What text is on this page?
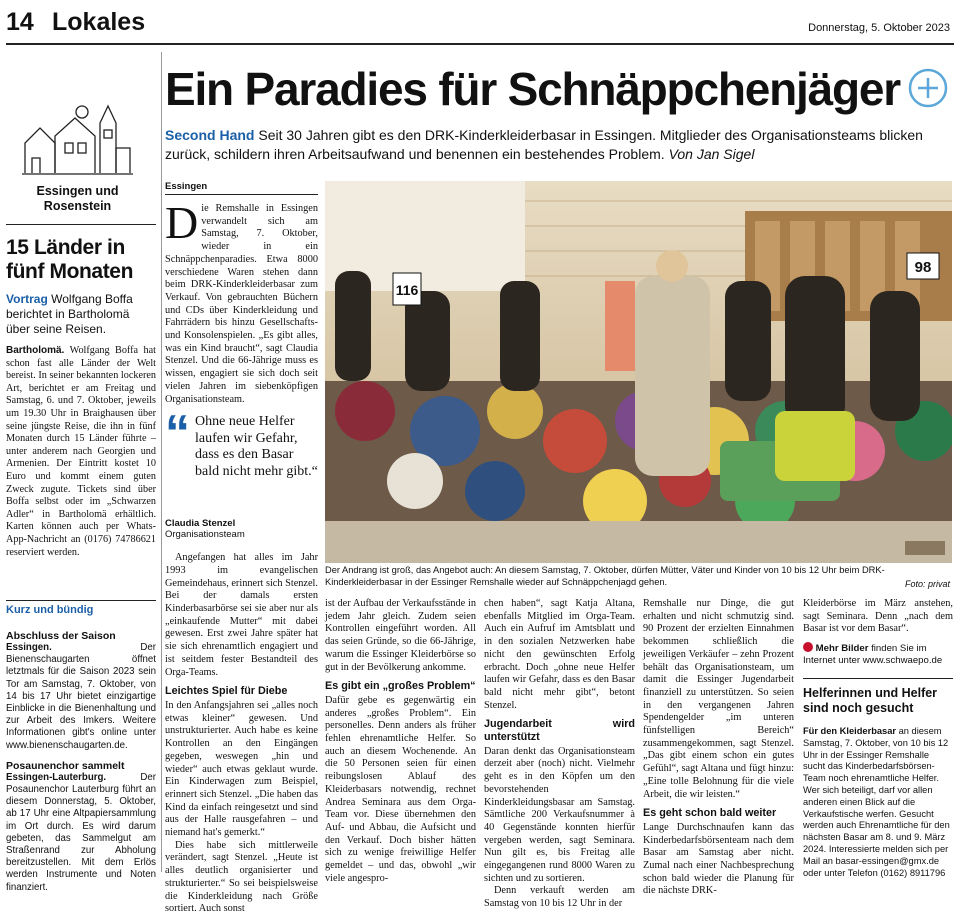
14 Lokales	Donnerstag, 5. Oktober 2023
Essingen und Rosenstein
15 Länder in fünf Monaten
Vortrag Wolfgang Boffa berichtet in Bartholomä über seine Reisen.
Bartholomä. Wolfgang Boffa hat schon fast alle Länder der Welt bereist. In seiner bekannten lockeren Art, berichtet er am Freitag und Samstag, 6. und 7. Oktober, jeweils um 19.30 Uhr in Braighausen über seine jüngste Reise, die ihn in fünf Monaten durch 15 Länder führte – unter anderem nach Georgien und Armenien. Der Eintritt kostet 10 Euro und kommt einem guten Zweck zugute. Tickets sind über Boffa selbst oder im „Schwarzen Adler“ in Bartholomä erhältlich. Karten können auch per Whats-App-Nachricht an (0176) 74786621 reserviert werden.
Kurz und bündig
Abschluss der Saison
Essingen.	Der Bienenschaugarten öffnet letztmals für die Saison 2023 sein Tor am Samstag, 7. Oktober, von 14 bis 17 Uhr bietet einzigartige Einblicke in die Bienenhaltung und zur Arbeit des Imkers. Weitere Informationen gibt's online unter www.bienenschaugarten.de.
Posaunenchor sammelt
Essingen-Lauterburg.	Der Posaunenchor Lauterburg führt an diesem Donnerstag, 5. Oktober, ab 17 Uhr eine Altpapiersammlung im Ort durch. Es wird darum gebeten, das Sammelgut am Straßenrand zur Abholung bereitzustellen. Mit dem Erlös werden Instrumente und Noten finanziert.
Ein Paradies für Schnäppchenjäger
Second Hand Seit 30 Jahren gibt es den DRK-Kinderkleiderbasar in Essingen. Mitglieder des Organisationsteams blicken zurück, schildern ihren Arbeitsaufwand und benennen ein bestehendes Problem. Von Jan Sigel
116
98
Der Andrang ist groß, das Angebot auch: An diesem Samstag, 7. Oktober, dürfen Mütter, Väter und Kinder von 10 bis 12 Uhr beim DRK-Kinderkleiderbasar in der Essinger Remshalle wieder auf Schnäppchenjagd gehen.	Foto: privat
Essingen
D ie Remshalle in Essingen verwandelt sich am Samstag, 7. Oktober, wieder in ein Schnäppchenparadies. Etwa 8000 verschiedene Waren stehen dann beim DRK-Kinderkleiderbasar zum Verkauf. Von gebrauchten Büchern und CDs über Kinderkleidung und Fahrrädern bis hinzu Gesellschafts- und Konsolenspielen. „Es gibt alles, was ein Kind braucht“, sagt Claudia Stenzel. Und die 66-Jährige muss es wissen, engagiert sie sich doch seit vielen Jahren im siebenköpfigen Organisationsteam.
“ Ohne neue Helfer laufen wir Gefahr, dass es den Basar bald nicht mehr gibt.“
Claudia Stenzel
Organisationsteam

Angefangen hat alles im Jahr 1993 im evangelischen Gemeindehaus, erinnert sich Stenzel. Bei der damals ersten Kinderbasarbörse sei sie aber nur als „einkaufende Mutter“ mit dabei gewesen. Erst zwei Jahre später hat sie sich ehrenamtlich engagiert und ist seitdem fester Bestandteil des Orga-Teams.

Leichtes Spiel für Diebe

In den Anfangsjahren sei „alles noch etwas kleiner“ gewesen. Und unstrukturierter. Auch habe es keine Kontrollen an den Eingängen gegeben, weswegen „hin und wieder“ auch etwas geklaut wurde. Ein Kinderwagen zum Beispiel, erinnert sich Stenzel. „Die haben das Kind da einfach reingesetzt und sind aus der Halle rausgefahren – und niemand hat's gemerkt.“

Dies habe sich mittlerweile verändert, sagt Stenzel. „Heute ist alles deutlich organisierter und strukturierter.“ So sei beispielsweise die Kinderkleidung nach Größe sortiert. Auch sonst

ist der Aufbau der Verkaufsstände in jedem Jahr gleich. Zudem seien Kontrollen eingeführt worden. All das seien Gründe, so die 66-Jährige, warum die Essinger Kleiderbörse so gut in der Bevölkerung ankomme.

Es gibt ein „großes Problem“

Dafür gebe es gegenwärtig ein anderes „großes Problem“. Ein personelles. Denn anders als früher fehlen ehrenamtliche Helfer. So auch an diesem Wochenende. An die 50 Personen seien für einen reibungslosen Ablauf des Kleiderbasars notwendig, rechnet Andrea Seminara aus dem Orga-Team vor. Diese übernehmen den Auf- und Abbau, die Aufsicht und den Verkauf. Doch bisher hätten sich zu wenige freiwillige Helfer gemeldet – und das, obwohl „wir viele angespro-

chen haben“, sagt Katja Altana, ebenfalls Mitglied im Orga-Team. Auch ein Aufruf im Amtsblatt und in den sozialen Netzwerken habe nicht den gewünschten Erfolg erbracht. Doch „ohne neue Helfer laufen wir Gefahr, dass es den Basar bald nicht mehr gibt“, betont Stenzel.

Jugendarbeit wird unterstützt

Daran denkt das Organisationsteam derzeit aber (noch) nicht. Vielmehr geht es in den Köpfen um den bevorstehenden Kinderkleidungsbasar am Samstag. Sämtliche 200 Verkaufsnummer à 40 Gegenstände konnten hierfür vergeben werden, sagt Seminara. Nun gilt es, bis Freitag alle eingegangenen rund 8000 Waren zu sichten und zu sortieren.

Denn verkauft werden am Samstag von 10 bis 12 Uhr in der

Remshalle nur Dinge, die gut erhalten und nicht schmutzig sind. 90 Prozent der erzielten Einnahmen bekommen schließlich die jeweiligen Verkäufer – zehn Prozent behält das Organisationsteam, um damit die Essinger Jugendarbeit finanziell zu unterstützen. So seien in den vergangenen Jahren Spendengelder „im unteren fünfstelligen Bereich“ zusammengekommen, sagt Stenzel. „Das gibt einem schon ein gutes Gefühl“, sagt Altana und fügt hinzu: „Eine tolle Belohnung für die viele Arbeit, die wir leisten.“

Es geht schon bald weiter

Lange Durchschnaufen kann das Kinderbedarfsbörsenteam nach dem Basar am Samstag aber nicht. Zumal nach einer Nachbesprechung schon bald wieder die Planung für die nächste DRK-

Kleiderbörse im März anstehen, sagt Seminara. Denn „nach dem Basar ist vor dem Basar“.

Mehr Bilder finden Sie im Internet unter www.schwaepo.de
Helferinnen und Helfer sind noch gesucht
Für den Kleiderbasar an diesem Samstag, 7. Oktober, von 10 bis 12 Uhr in der Essinger Remshalle sucht das Kinderbedarfsbörsen-Team noch ehrenamtliche Helfer. Wer sich beteiligt, darf vor allen anderen einen Blick auf die Verkaufstische werfen. Gesucht werden auch Ehrenamtliche für den nächsten Basar am 8. und 9. März 2024. Interessierte melden sich per Mail an basar-essingen@gmx.de oder unter Telefon (0162) 8911796
